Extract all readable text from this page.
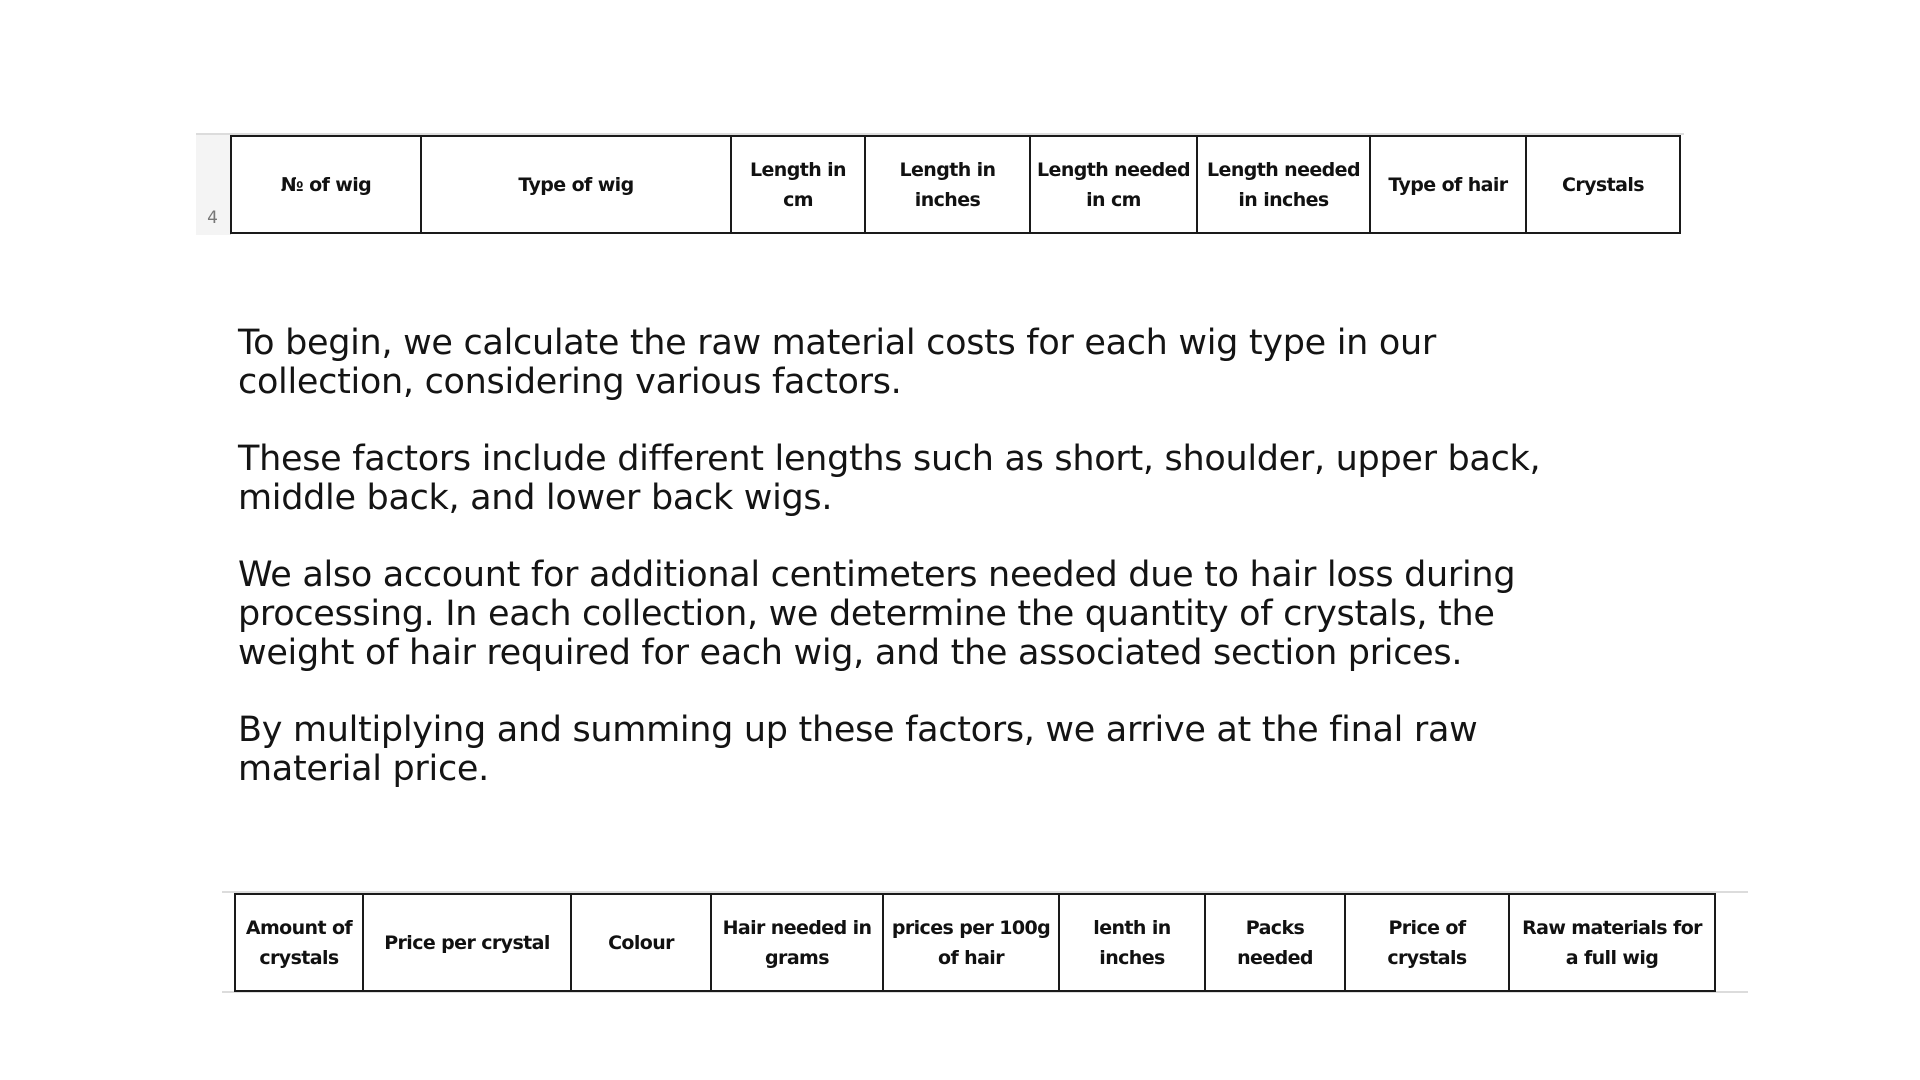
4
№ of wig	Type of wig	Length in cm	Length in inches	Length needed in cm	Length needed in inches	Type of hair	Crystals

To begin, we calculate the raw material costs for each wig type in our collection, considering various factors.

These factors include different lengths such as short, shoulder, upper back, middle back, and lower back wigs.

We also account for additional centimeters needed due to hair loss during processing. In each collection, we determine the quantity of crystals, the weight of hair required for each wig, and the associated section prices.

By multiplying and summing up these factors, we arrive at the final raw material price.

Amount of crystals	Price per crystal	Colour	Hair needed in grams	prices per 100g of hair	lenth in inches	Packs needed	Price of crystals	Raw materials for a full wig
